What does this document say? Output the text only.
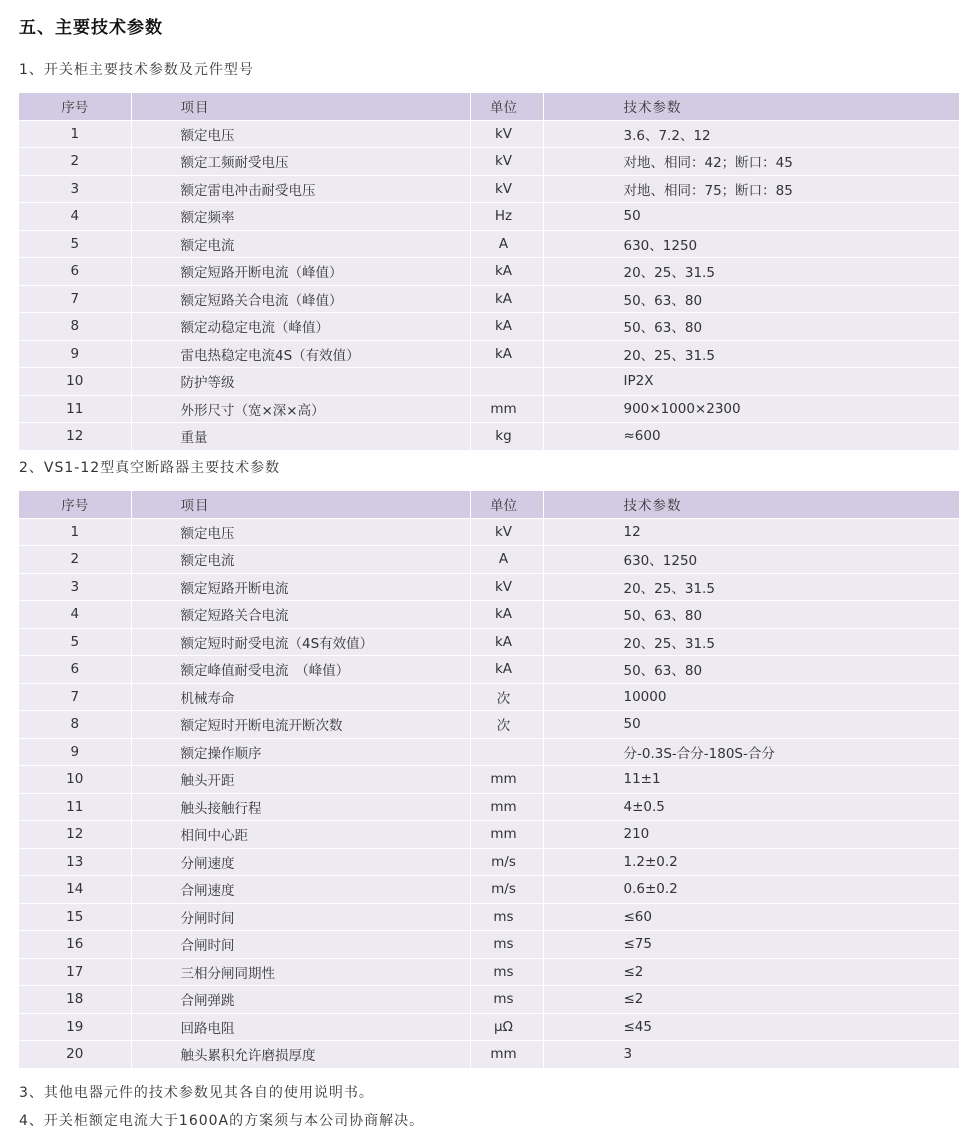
五、主要技术参数
1、开关柜主要技术参数及元件型号
序号	项目	单位	技术参数
1	额定电压	kV	3.6、7.2、12
2	额定工频耐受电压	kV	对地、相同：42；断口：45
3	额定雷电冲击耐受电压	kV	对地、相同：75；断口：85
4	额定频率	Hz	50
5	额定电流	A	630、1250
6	额定短路开断电流（峰值）	kA	20、25、31.5
7	额定短路关合电流（峰值）	kA	50、63、80
8	额定动稳定电流（峰值）	kA	50、63、80
9	雷电热稳定电流4S（有效值）	kA	20、25、31.5
10	防护等级		IP2X
11	外形尺寸（宽×深×高）	mm	900×1000×2300
12	重量	kg	≈600
2、VS1-12型真空断路器主要技术参数
序号	项目	单位	技术参数
1	额定电压	kV	12
2	额定电流	A	630、1250
3	额定短路开断电流	kV	20、25、31.5
4	额定短路关合电流	kA	50、63、80
5	额定短时耐受电流（4S有效值）	kA	20、25、31.5
6	额定峰值耐受电流　（峰值）	kA	50、63、80
7	机械寿命	次	10000
8	额定短时开断电流开断次数	次	50
9	额定操作顺序		分-0.3S-合分-180S-合分
10	触头开距	mm	11±1
11	触头接触行程	mm	4±0.5
12	相间中心距	mm	210
13	分闸速度	m/s	1.2±0.2
14	合闸速度	m/s	0.6±0.2
15	分闸时间	ms	≤60
16	合闸时间	ms	≤75
17	三相分闸同期性	ms	≤2
18	合闸弹跳	ms	≤2
19	回路电阻	μΩ	≤45
20	触头累积允许磨损厚度	mm	3
3、其他电器元件的技术参数见其各自的使用说明书。
4、开关柜额定电流大于1600A的方案须与本公司协商解决。
